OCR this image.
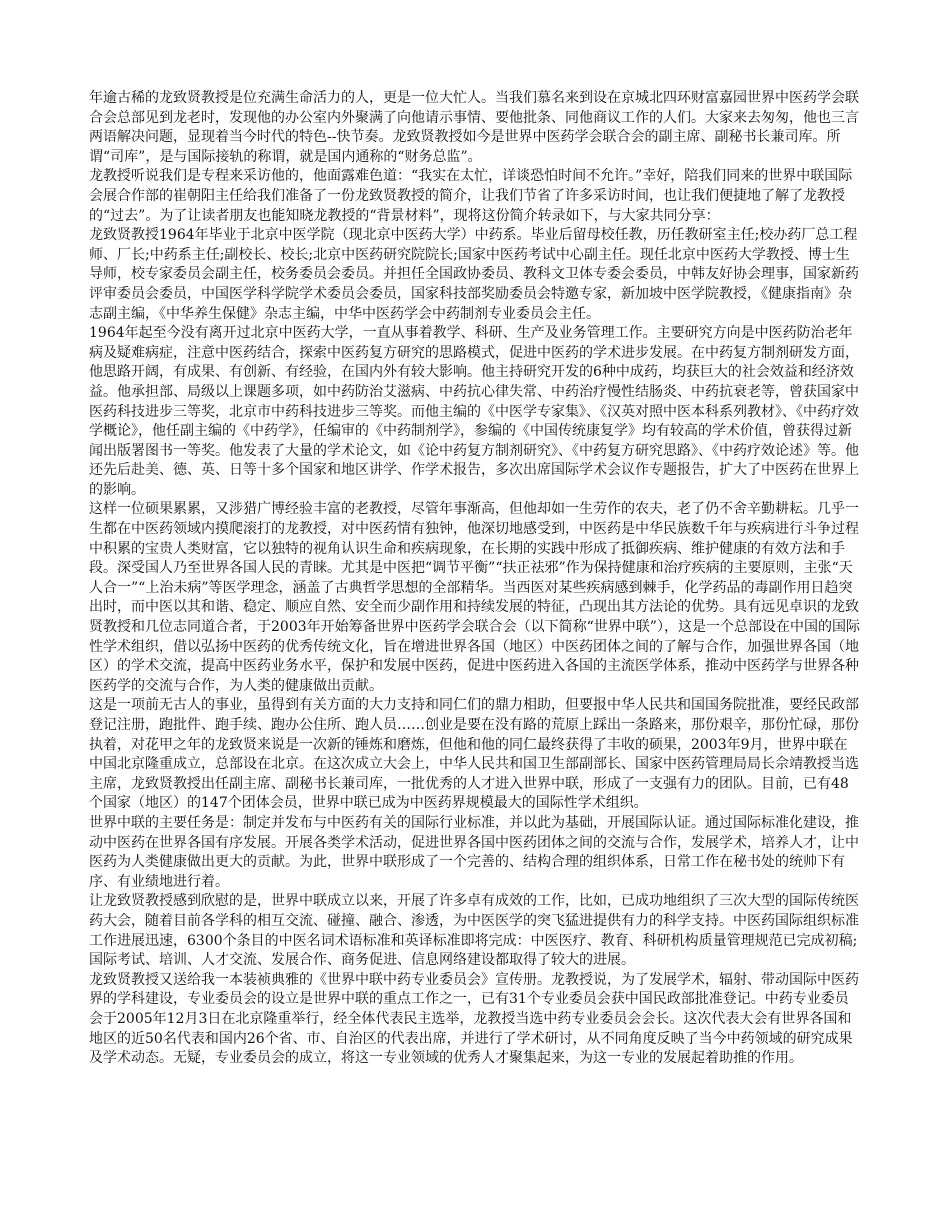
年逾古稀的龙致贤教授是位充满生命活力的人，更是一位大忙人。当我们慕名来到设在京城北四环财富嘉园世界中医药学会联合会总部见到龙老时，发现他的办公室内外聚满了向他请示事情、要他批条、同他商议工作的人们。大家来去匆匆，他也三言两语解决问题，显现着当今时代的特色--快节奏。龙致贤教授如今是世界中医药学会联合会的副主席、副秘书长兼司库。所谓“司库”，是与国际接轨的称谓，就是国内通称的“财务总监”。

龙教授听说我们是专程来采访他的，他面露难色道：“我实在太忙，详谈恐怕时间不允许。”幸好，陪我们同来的世界中联国际会展合作部的崔朝阳主任给我们准备了一份龙致贤教授的简介，让我们节省了许多采访时间，也让我们便捷地了解了龙教授的“过去”。为了让读者朋友也能知晓龙教授的“背景材料”，现将这份简介转录如下，与大家共同分享：

龙致贤教授1964年毕业于北京中医学院（现北京中医药大学）中药系。毕业后留母校任教，历任教研室主任;校办药厂总工程师、厂长;中药系主任;副校长、校长;北京中医药研究院院长;国家中医药考试中心副主任。现任北京中医药大学教授、博士生导师，校专家委员会副主任，校务委员会委员。并担任全国政协委员、教科文卫体专委会委员，中韩友好协会理事，国家新药评审委员会委员，中国医学科学院学术委员会委员，国家科技部奖励委员会特邀专家，新加坡中医学院教授，《健康指南》杂志副主编，《中华养生保健》杂志主编，中华中医药学会中药制剂专业委员会主任。

1964年起至今没有离开过北京中医药大学，一直从事着教学、科研、生产及业务管理工作。主要研究方向是中医药防治老年病及疑难病症，注意中医药结合，探索中医药复方研究的思路模式，促进中医药的学术进步发展。在中药复方制剂研发方面，他思路开阔，有成果、有创新、有经验，在国内外有较大影响。他主持研究开发的6种中成药，均获巨大的社会效益和经济效益。他承担部、局级以上课题多项，如中药防治艾滋病、中药抗心律失常、中药治疗慢性结肠炎、中药抗衰老等，曾获国家中医药科技进步三等奖，北京市中药科技进步三等奖。而他主编的《中医学专家集》、《汉英对照中医本科系列教材》、《中药疗效学概论》，他任副主编的《中药学》，任编审的《中药制剂学》，参编的《中国传统康复学》均有较高的学术价值，曾获得过新闻出版署图书一等奖。他发表了大量的学术论文，如《论中药复方制剂研究》、《中药复方研究思路》、《中药疗效论述》等。他还先后赴美、德、英、日等十多个国家和地区讲学、作学术报告，多次出席国际学术会议作专题报告，扩大了中医药在世界上的影响。

这样一位硕果累累，又涉猎广博经验丰富的老教授，尽管年事渐高，但他却如一生劳作的农夫，老了仍不舍辛勤耕耘。几乎一生都在中医药领域内摸爬滚打的龙教授，对中医药情有独钟，他深切地感受到，中医药是中华民族数千年与疾病进行斗争过程中积累的宝贵人类财富，它以独特的视角认识生命和疾病现象，在长期的实践中形成了抵御疾病、维护健康的有效方法和手段。深受国人乃至世界各国人民的青睐。尤其是中医把“调节平衡”“扶正祛邪”作为保持健康和治疗疾病的主要原则，主张“天人合一”“上治未病”等医学理念，涵盖了古典哲学思想的全部精华。当西医对某些疾病感到棘手，化学药品的毒副作用日趋突出时，而中医以其和谐、稳定、顺应自然、安全而少副作用和持续发展的特征，凸现出其方法论的优势。具有远见卓识的龙致贤教授和几位志同道合者，于2003年开始筹备世界中医药学会联合会（以下简称“世界中联”），这是一个总部设在中国的国际性学术组织，借以弘扬中医药的优秀传统文化，旨在增进世界各国（地区）中医药团体之间的了解与合作，加强世界各国（地区）的学术交流，提高中医药业务水平，保护和发展中医药，促进中医药进入各国的主流医学体系，推动中医药学与世界各种医药学的交流与合作，为人类的健康做出贡献。

这是一项前无古人的事业，虽得到有关方面的大力支持和同仁们的鼎力相助，但要报中华人民共和国国务院批准，要经民政部登记注册，跑批件、跑手续、跑办公住所、跑人员……创业是要在没有路的荒原上踩出一条路来，那份艰辛，那份忙碌，那份执着，对花甲之年的龙致贤来说是一次新的锤炼和磨炼，但他和他的同仁最终获得了丰收的硕果，2003年9月，世界中联在中国北京隆重成立，总部设在北京。在这次成立大会上，中华人民共和国卫生部副部长、国家中医药管理局局长佘靖教授当选主席，龙致贤教授出任副主席、副秘书长兼司库，一批优秀的人才进入世界中联，形成了一支强有力的团队。目前，已有48个国家（地区）的147个团体会员，世界中联已成为中医药界规模最大的国际性学术组织。

世界中联的主要任务是：制定并发布与中医药有关的国际行业标准，并以此为基础，开展国际认证。通过国际标准化建设，推动中医药在世界各国有序发展。开展各类学术活动，促进世界各国中医药团体之间的交流与合作，发展学术，培养人才，让中医药为人类健康做出更大的贡献。为此，世界中联形成了一个完善的、结构合理的组织体系，日常工作在秘书处的统帅下有序、有业绩地进行着。

让龙致贤教授感到欣慰的是，世界中联成立以来，开展了许多卓有成效的工作，比如，已成功地组织了三次大型的国际传统医药大会，随着目前各学科的相互交流、碰撞、融合、渗透，为中医医学的突飞猛进提供有力的科学支持。中医药国际组织标准工作进展迅速，6300个条目的中医名词术语标准和英译标准即将完成：中医医疗、教育、科研机构质量管理规范已完成初稿;国际考试、培训、人才交流、发展合作、商务促进、信息网络建设都取得了较大的进展。

龙致贤教授又送给我一本装祯典雅的《世界中联中药专业委员会》宣传册。龙教授说，为了发展学术，辐射、带动国际中医药界的学科建设，专业委员会的设立是世界中联的重点工作之一，已有31个专业委员会获中国民政部批准登记。中药专业委员会于2005年12月3日在北京隆重举行，经全体代表民主选举，龙教授当选中药专业委员会会长。这次代表大会有世界各国和地区的近50名代表和国内26个省、市、自治区的代表出席，并进行了学术研讨，从不同角度反映了当今中药领域的研究成果及学术动态。无疑，专业委员会的成立，将这一专业领域的优秀人才聚集起来，为这一专业的发展起着助推的作用。
